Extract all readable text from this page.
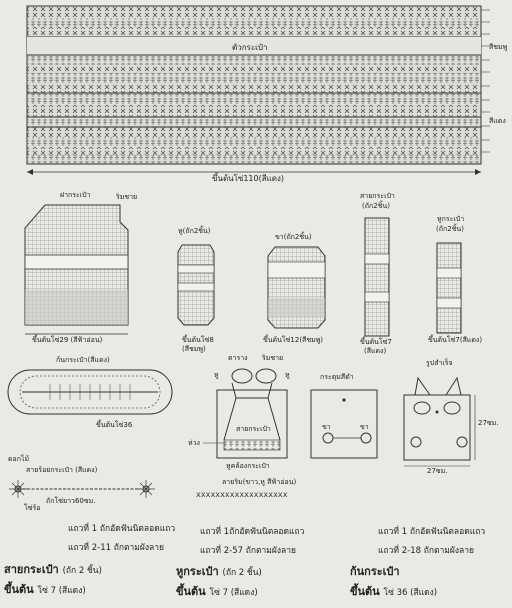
xxxxxxxxxxxxxxxxxxx
ตัวกระเป๋า	สีชมพู
สีแดง
ขึ้นต้นโซ่110(สีแดง)
ฝากระเป๋า	ริมชาย
ขึ้นต้นโซ่29 (สีฟ้าอ่อน)
หู(ถัก2ชิ้น)
ขึ้นต้นโซ่8
(สีชมพู)
ขา(ถัก2ชิ้น)
ขึ้นต้นโซ่12(สีชมพู)
สายกระเป๋า
(ถัก2ชิ้น)
ขึ้นต้นโซ่7
(สีแดง)
หูกระเป๋า
(ถัก2ชิ้น)
ขึ้นต้นโซ่7(สีแดง)
ก้นกระเป๋า(สีแดง)
ขึ้นต้นโซ่36
ตาราง ริมชาย
หู	หู
สายกระเป๋า
ห่วง
หูคล้องกระเป๋า
ลายริม(ขาว,หู สีฟ้าอ่อน)
กระดุมสีดำ
ขา	ขา
รูปสำเร็จ
27ซม.
27ซม.
ดอกไม้
สายร้อยกระเป๋า (สีแดง)
ถักโซ่ยาว60ซม.
โซ่ร้อ
แถวที่ 1 ถักอัดฟันนิตลอดแถว
แถวที่ 2-11 ถักตามผังลาย
สายกระเป๋า (ถัก 2 ชิ้น)
ขึ้นต้น โซ่ 7 (สีแดง)
แถวที่ 1ถักอัดฟันนิตลอดแถว
แถวที่ 2-57 ถักตามผังลาย
หูกระเป๋า (ถัก 2 ชิ้น)
ขึ้นต้น โซ่ 7 (สีแดง)
แถวที่ 1 ถักอัดฟันนิตลอดแถว
แถวที่ 2-18 ถักตามผังลาย
ก้นกระเป๋า
ขึ้นต้น โซ่ 36 (สีแดง)
